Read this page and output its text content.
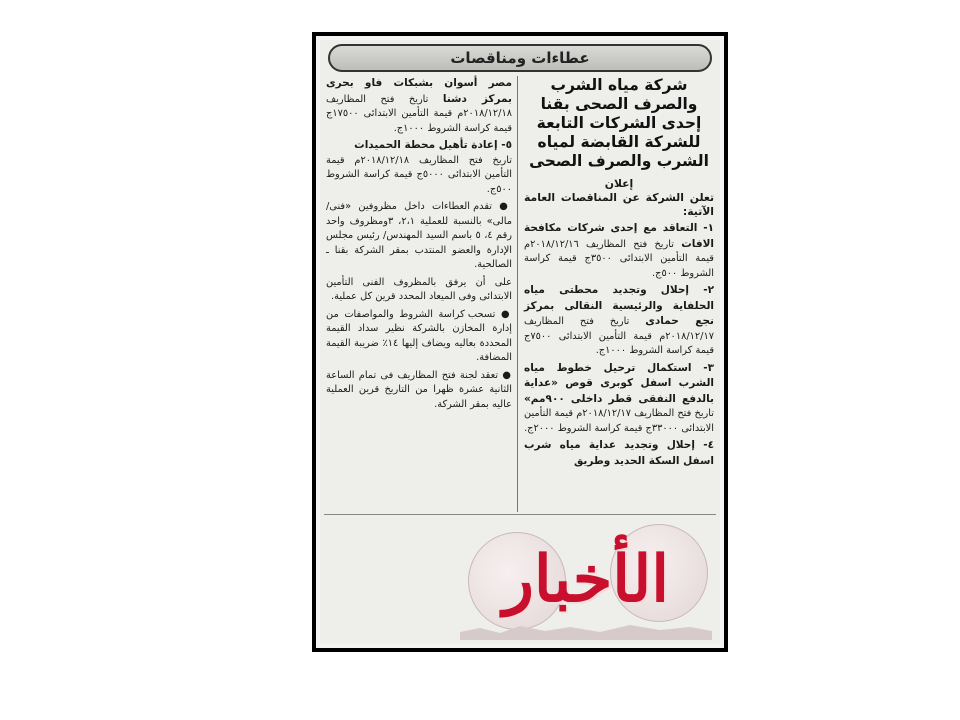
عطاءات ومناقصات

شركة مياه الشرب والصرف الصحى بقنا إحدى الشركات التابعة للشركة القابضة لمياه الشرب والصرف الصحى

إعلان

تعلن الشركة عن المناقصات العامة الآتية:

١- التعاقد مع إحدى شركات مكافحة الافات تاريخ فتح المظاريف ٢٠١٨/١٢/١٦م قيمة التأمين الابتدائى ٣٥٠٠ج قيمة كراسة الشروط ٥٠٠ج.

٢- إحلال وتجديد محطتى مياه الحلفاية والرئيسية النقالى بمركز نجع حمادى تاريخ فتح المظاريف ٢٠١٨/١٢/١٧م قيمة التأمين الابتدائى ٧٥٠٠ج قيمة كراسة الشروط ١٠٠٠ج.

٣- استكمال ترحيل خطوط مياه الشرب اسفل كوبرى قوص «عداية بالدفع النفقى قطر داخلى ٩٠٠مم» تاريخ فتح المظاريف ٢٠١٨/١٢/١٧م قيمة التأمين الابتدائى ٣٣٠٠٠ج قيمة كراسة الشروط ٢٠٠٠ج.

٤- إحلال وتجديد عداية مياه شرب اسفل السكة الحديد وطريق

مصر أسوان بشبكات فاو بحرى بمركز دشنا تاريخ فتح المظاريف ٢٠١٨/١٢/١٨م قيمة التأمين الابتدائى ١٧٥٠٠ج قيمة كراسة الشروط ١٠٠٠ج.

٥- إعادة تأهيل محطة الحميدات
تاريخ فتح المظاريف ٢٠١٨/١٢/١٨م قيمة التأمين الابتدائى ٥٠٠٠ج قيمة كراسة الشروط ٥٠٠ج.

● تقدم العطاءات داخل مظروفين «فنى/ مالى» بالنسبة للعملية ٢،١، ٣ومظروف واحد رقم ٤، ٥ باسم السيد المهندس/ رئيس مجلس الإدارة والعضو المنتدب بمقر الشركة بقنا ـ الصالحية.

على أن يرفق بالمظروف الفنى التأمين الابتدائى وفى الميعاد المحدد قرين كل عملية.

● تسحب كراسة الشروط والمواصفات من إدارة المخازن بالشركة نظير سداد القيمة المحددة بعاليه ويضاف إليها ١٤٪ ضريبة القيمة المضافة.

● تعقد لجنة فتح المظاريف فى تمام الساعة الثانية عشرة ظهرا من التاريخ قرين العملية عاليه بمقر الشركة.

الأخبار
